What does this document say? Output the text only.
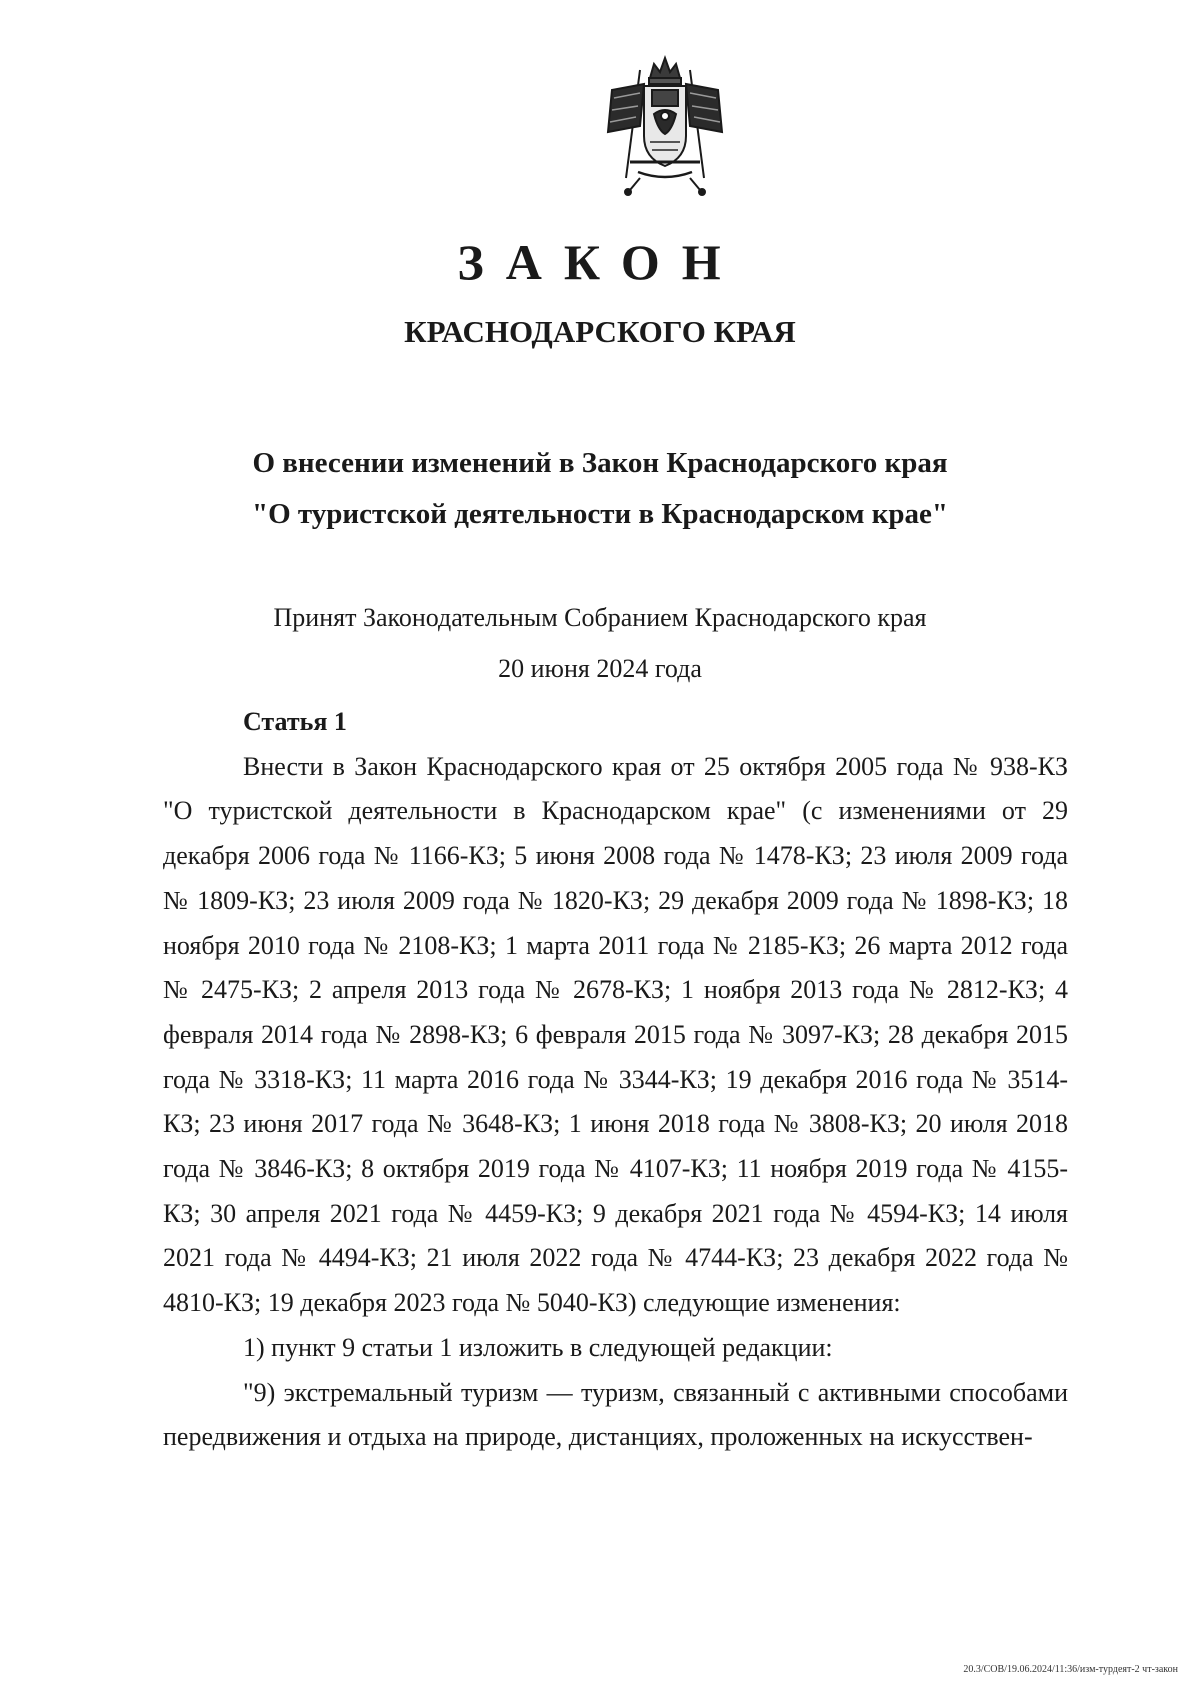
ЗАКОН
КРАСНОДАРСКОГО КРАЯ
О внесении изменений в Закон Краснодарского края
"О туристской деятельности в Краснодарском крае"
Принят Законодательным Собранием Краснодарского края
20 июня 2024 года

Статья 1

Внести в Закон Краснодарского края от 25 октября 2005 года № 938-КЗ "О туристской деятельности в Краснодарском крае" (с изменениями от 29 декабря 2006 года № 1166-КЗ; 5 июня 2008 года № 1478-КЗ; 23 июля 2009 года № 1809-КЗ; 23 июля 2009 года № 1820-КЗ; 29 декабря 2009 года № 1898-КЗ; 18 ноября 2010 года № 2108-КЗ; 1 марта 2011 года № 2185-КЗ; 26 марта 2012 года № 2475-КЗ; 2 апреля 2013 года № 2678-КЗ; 1 ноября 2013 года № 2812-КЗ; 4 февраля 2014 года № 2898-КЗ; 6 февраля 2015 года № 3097-КЗ; 28 декабря 2015 года № 3318-КЗ; 11 марта 2016 года № 3344-КЗ; 19 декабря 2016 года № 3514-КЗ; 23 июня 2017 года № 3648-КЗ; 1 июня 2018 года № 3808-КЗ; 20 июля 2018 года № 3846-КЗ; 8 октября 2019 года № 4107-КЗ; 11 ноября 2019 года № 4155-КЗ; 30 апреля 2021 года № 4459-КЗ; 9 декабря 2021 года № 4594-КЗ; 14 июля 2021 года № 4494-КЗ; 21 июля 2022 года № 4744-КЗ; 23 декабря 2022 года № 4810-КЗ; 19 декабря 2023 года № 5040-КЗ) следующие изменения:

1) пункт 9 статьи 1 изложить в следующей редакции:

"9) экстремальный туризм — туризм, связанный с активными способами передвижения и отдыха на природе, дистанциях, проложенных на искусствен-

20.3/СОВ/19.06.2024/11:36/изм-турдеят-2 чт-закон
